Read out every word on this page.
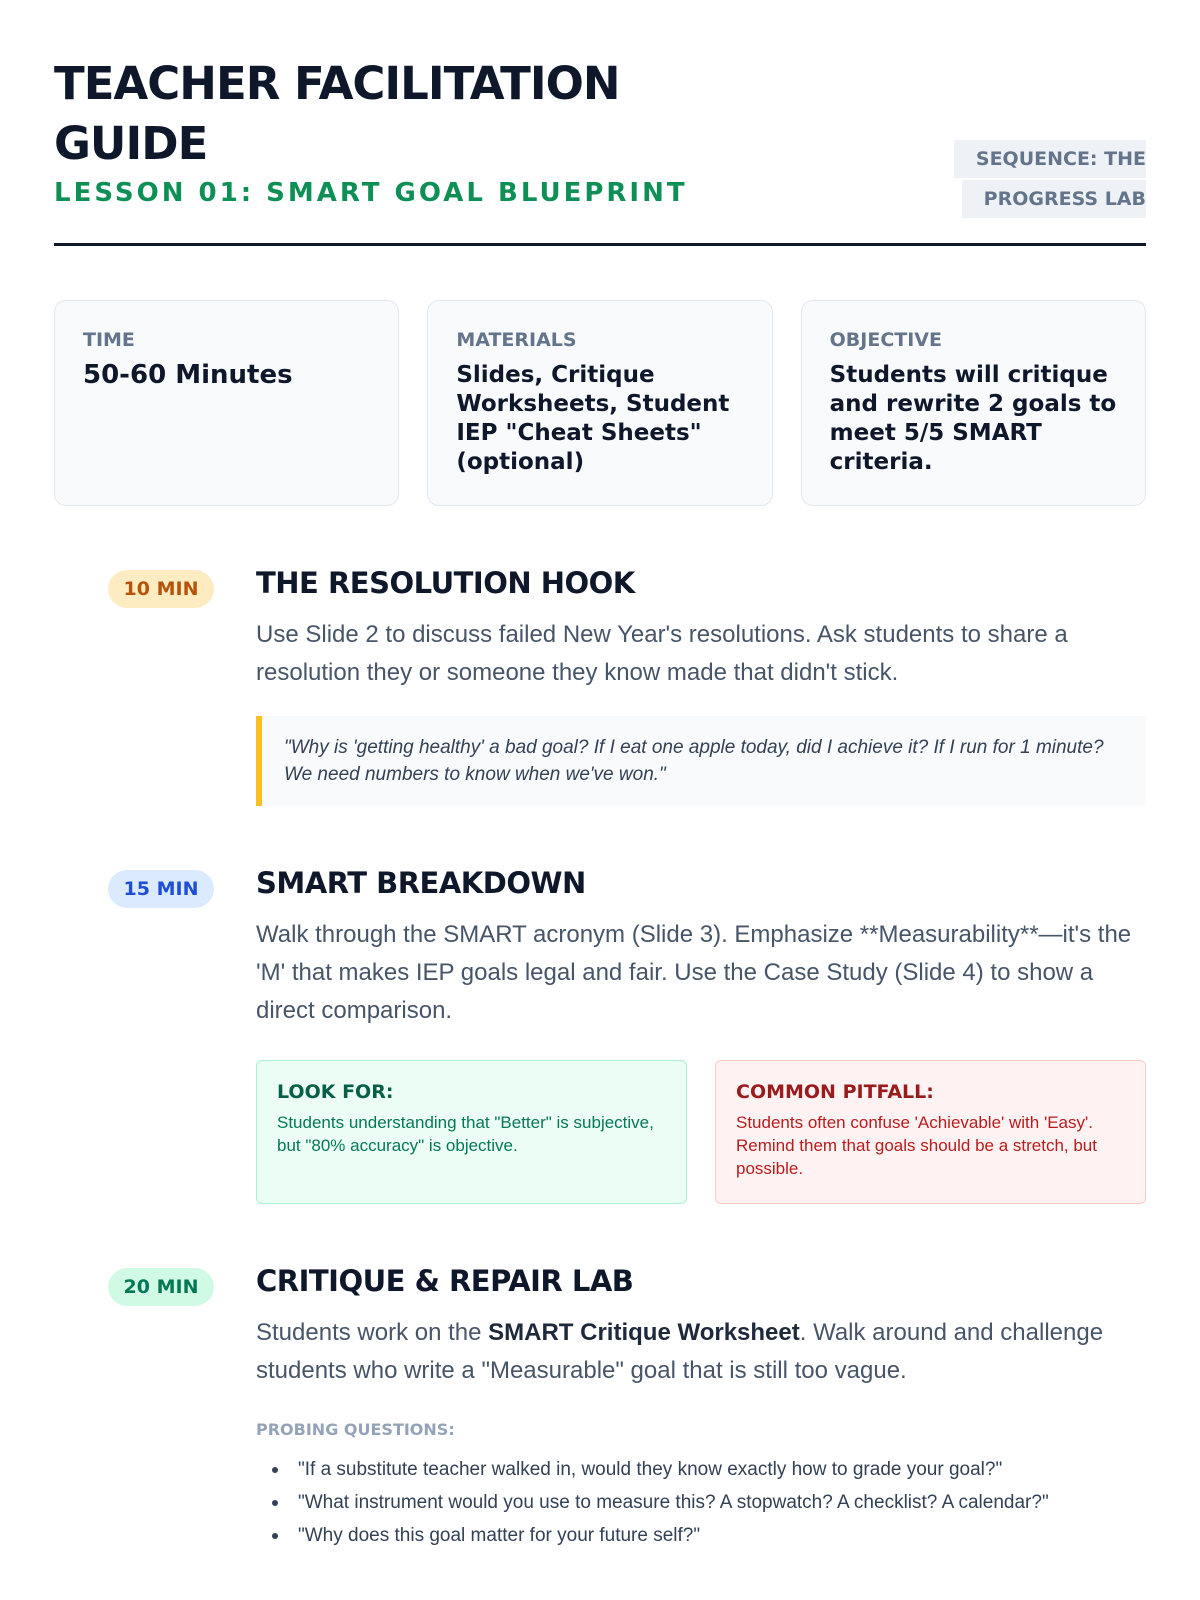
TEACHER FACILITATION GUIDE
LESSON 01: SMART GOAL BLUEPRINT
SEQUENCE: THE PROGRESS LAB
TIME
50-60 Minutes
MATERIALS
Slides, Critique Worksheets, Student IEP "Cheat Sheets" (optional)
OBJECTIVE
Students will critique and rewrite 2 goals to meet 5/5 SMART criteria.
10 MIN	THE RESOLUTION HOOK

Use Slide 2 to discuss failed New Year's resolutions. Ask students to share a resolution they or someone they know made that didn't stick.

"Why is 'getting healthy' a bad goal? If I eat one apple today, did I achieve it? If I run for 1 minute? We need numbers to know when we've won."
15 MIN	SMART BREAKDOWN

Walk through the SMART acronym (Slide 3). Emphasize **Measurability**—it's the 'M' that makes IEP goals legal and fair. Use the Case Study (Slide 4) to show a direct comparison.

LOOK FOR:
Students understanding that "Better" is subjective, but "80% accuracy" is objective.
COMMON PITFALL:
Students often confuse 'Achievable' with 'Easy'. Remind them that goals should be a stretch, but possible.
20 MIN	CRITIQUE & REPAIR LAB

Students work on the SMART Critique Worksheet. Walk around and challenge students who write a "Measurable" goal that is still too vague.

PROBING QUESTIONS:
"If a substitute teacher walked in, would they know exactly how to grade your goal?"
"What instrument would you use to measure this? A stopwatch? A checklist? A calendar?"
"Why does this goal matter for your future self?"
